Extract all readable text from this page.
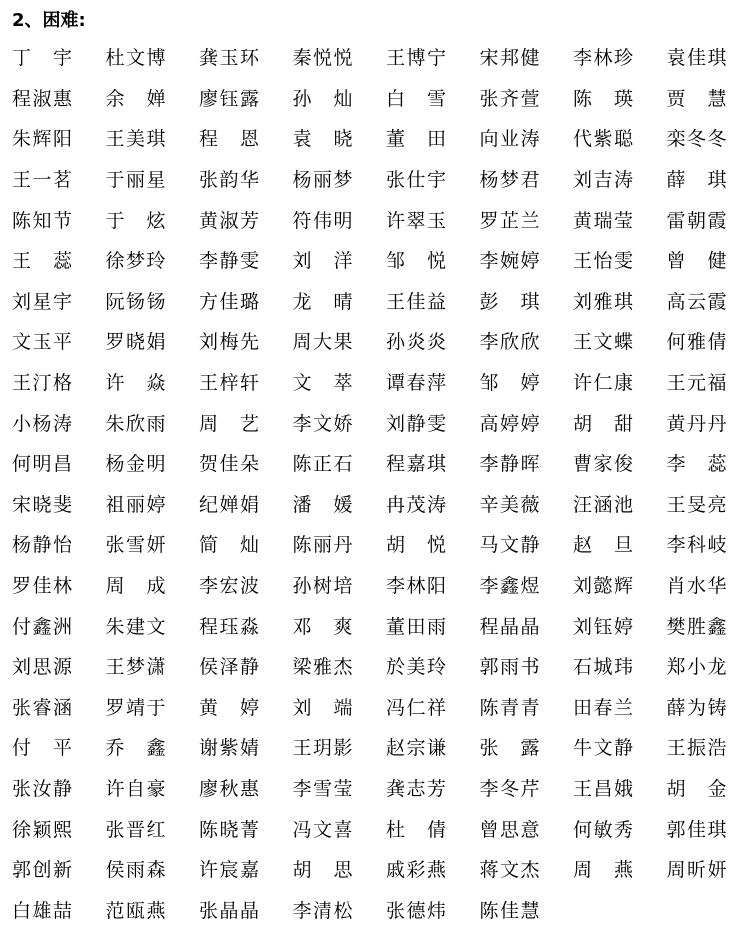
2、困难:
丁 宇 杜文博 龚玉环 秦悦悦 王博宁 宋邦健 李林珍 袁佳琪
程淑惠 余 婵 廖钰露 孙 灿 白 雪 张齐萱 陈 瑛 贾 慧
朱辉阳 王美琪 程 恩 袁 晓 董 田 向业涛 代紫聪 栾冬冬
王一茗 于丽星 张韵华 杨丽梦 张仕宇 杨梦君 刘吉涛 薛 琪
陈知节 于 炫 黄淑芳 符伟明 许翠玉 罗芷兰 黄瑞莹 雷朝霞
王 蕊 徐梦玲 李静雯 刘 洋 邹 悦 李婉婷 王怡雯 曾 健
刘星宇 阮钖钖 方佳璐 龙 晴 王佳益 彭 琪 刘雅琪 高云霞
文玉平 罗晓娟 刘梅先 周大果 孙炎炎 李欣欣 王文蝶 何雅倩
王汀格 许 焱 王梓轩 文 萃 谭春萍 邹 婷 许仁康 王元福
小杨涛 朱欣雨 周 艺 李文娇 刘静雯 高婷婷 胡 甜 黄丹丹
何明昌 杨金明 贺佳朵 陈正石 程嘉琪 李静晖 曹家俊 李 蕊
宋晓斐 祖丽婷 纪婵娟 潘 媛 冉茂涛 辛美薇 汪涵池 王旻亮
杨静怡 张雪妍 简 灿 陈丽丹 胡 悦 马文静 赵 旦 李科岐
罗佳林 周 成 李宏波 孙树培 李林阳 李鑫煜 刘懿辉 肖水华
付鑫洲 朱建文 程珏淼 邓 爽 董田雨 程晶晶 刘钰婷 樊胜鑫
刘思源 王梦潇 侯泽静 梁雅杰 於美玲 郭雨书 石城玮 郑小龙
张睿涵 罗靖于 黄 婷 刘 端 冯仁祥 陈青青 田春兰 薛为铸
付 平 乔 鑫 谢紫婧 王玥影 赵宗谦 张 露 牛文静 王振浩
张汝静 许自豪 廖秋惠 李雪莹 龚志芳 李冬芹 王昌娥 胡 金
徐颖熙 张晋红 陈晓菁 冯文喜 杜 倩 曾思意 何敏秀 郭佳琪
郭创新 侯雨森 许宸嘉 胡 思 戚彩燕 蒋文杰 周 燕 周昕妍
白雄喆 范瓯燕 张晶晶 李清松 张德炜 陈佳慧
